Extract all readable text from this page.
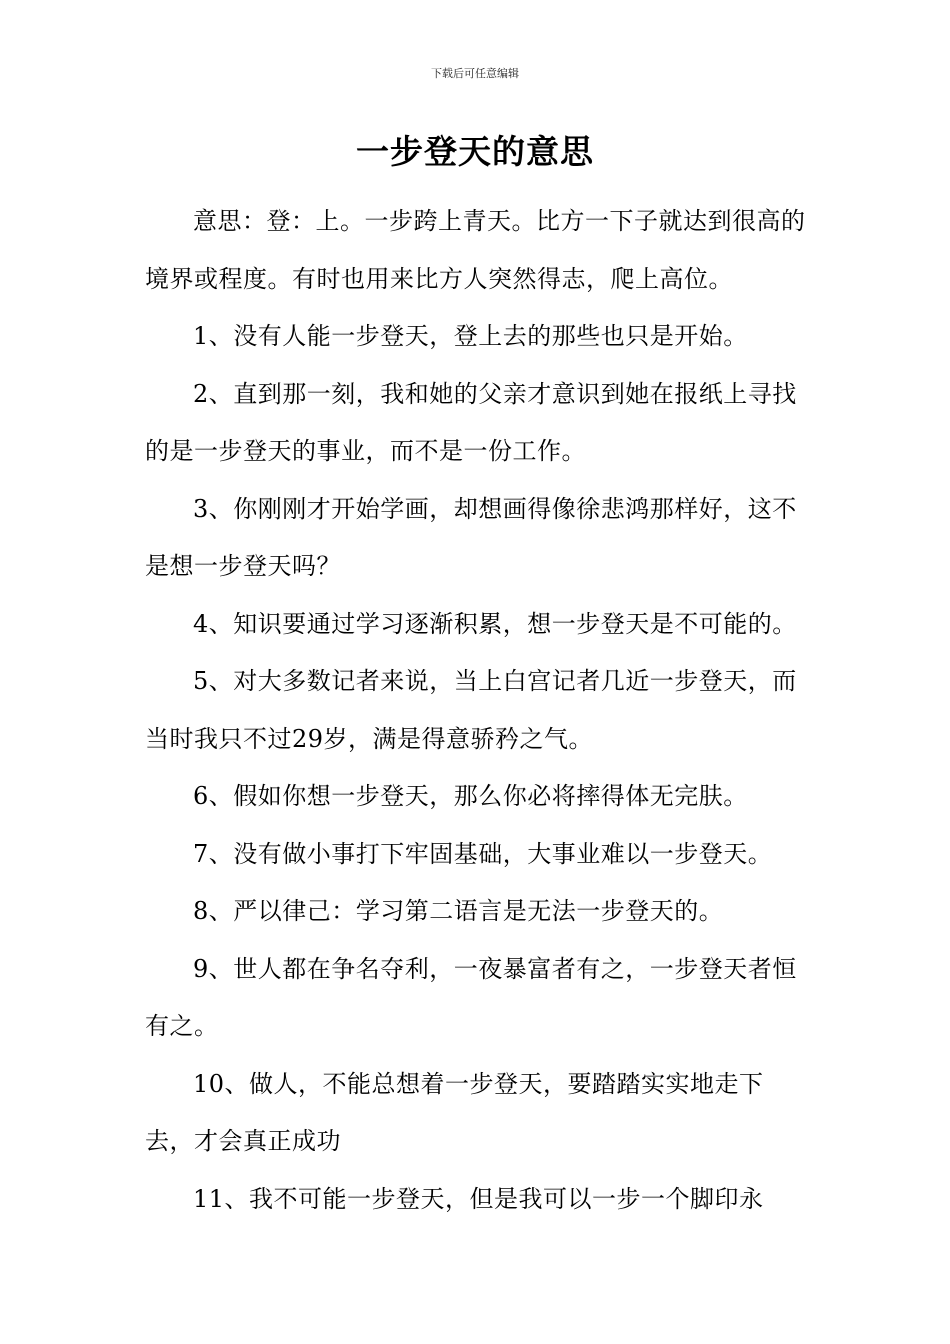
下载后可任意编辑
一步登天的意思

意思：登：上。一步跨上青天。比方一下子就达到很高的境界或程度。有时也用来比方人突然得志，爬上高位。

1、没有人能一步登天，登上去的那些也只是开始。

2、直到那一刻，我和她的父亲才意识到她在报纸上寻找的是一步登天的事业，而不是一份工作。

3、你刚刚才开始学画，却想画得像徐悲鸿那样好，这不是想一步登天吗？

4、知识要通过学习逐渐积累，想一步登天是不可能的。

5、对大多数记者来说，当上白宫记者几近一步登天，而当时我只不过29岁，满是得意骄矜之气。

6、假如你想一步登天，那么你必将摔得体无完肤。

7、没有做小事打下牢固基础，大事业难以一步登天。

8、严以律己：学习第二语言是无法一步登天的。

9、世人都在争名夺利，一夜暴富者有之，一步登天者恒有之。

10、做人，不能总想着一步登天，要踏踏实实地走下去，才会真正成功

11、我不可能一步登天，但是我可以一步一个脚印永
